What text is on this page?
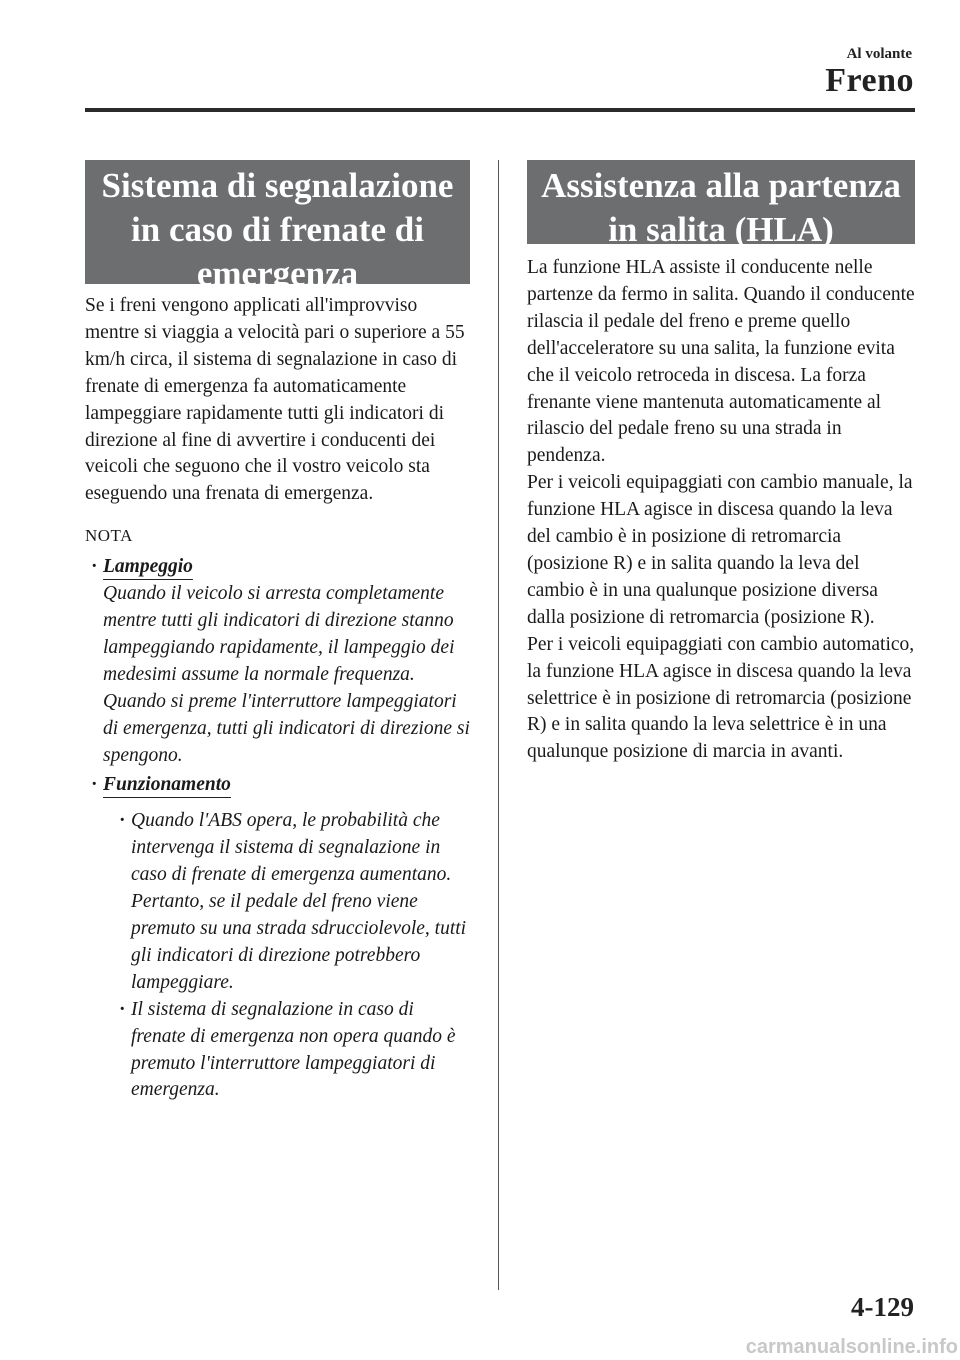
Al volante
Freno
Sistema di segnalazione in caso di frenate di emergenza

Se i freni vengono applicati all'improvviso mentre si viaggia a velocità pari o superiore a 55 km/h circa, il sistema di segnalazione in caso di frenate di emergenza fa automaticamente lampeggiare rapidamente tutti gli indicatori di direzione al fine di avvertire i conducenti dei veicoli che seguono che il vostro veicolo sta eseguendo una frenata di emergenza.

NOTA

· Lampeggio
Quando il veicolo si arresta completamente mentre tutti gli indicatori di direzione stanno lampeggiando rapidamente, il lampeggio dei medesimi assume la normale frequenza. Quando si preme l'interruttore lampeggiatori di emergenza, tutti gli indicatori di direzione si spengono.
· Funzionamento
· Quando l'ABS opera, le probabilità che intervenga il sistema di segnalazione in caso di frenate di emergenza aumentano. Pertanto, se il pedale del freno viene premuto su una strada sdrucciolevole, tutti gli indicatori di direzione potrebbero lampeggiare.
· Il sistema di segnalazione in caso di frenate di emergenza non opera quando è premuto l'interruttore lampeggiatori di emergenza.
Assistenza alla partenza in salita (HLA)

La funzione HLA assiste il conducente nelle partenze da fermo in salita. Quando il conducente rilascia il pedale del freno e preme quello dell'acceleratore su una salita, la funzione evita che il veicolo retroceda in discesa. La forza frenante viene mantenuta automaticamente al rilascio del pedale freno su una strada in pendenza.
Per i veicoli equipaggiati con cambio manuale, la funzione HLA agisce in discesa quando la leva del cambio è in posizione di retromarcia (posizione R) e in salita quando la leva del cambio è in una qualunque posizione diversa dalla posizione di retromarcia (posizione R).
Per i veicoli equipaggiati con cambio automatico, la funzione HLA agisce in discesa quando la leva selettrice è in posizione di retromarcia (posizione R) e in salita quando la leva selettrice è in una qualunque posizione di marcia in avanti.

4-129
carmanualsonline.info
